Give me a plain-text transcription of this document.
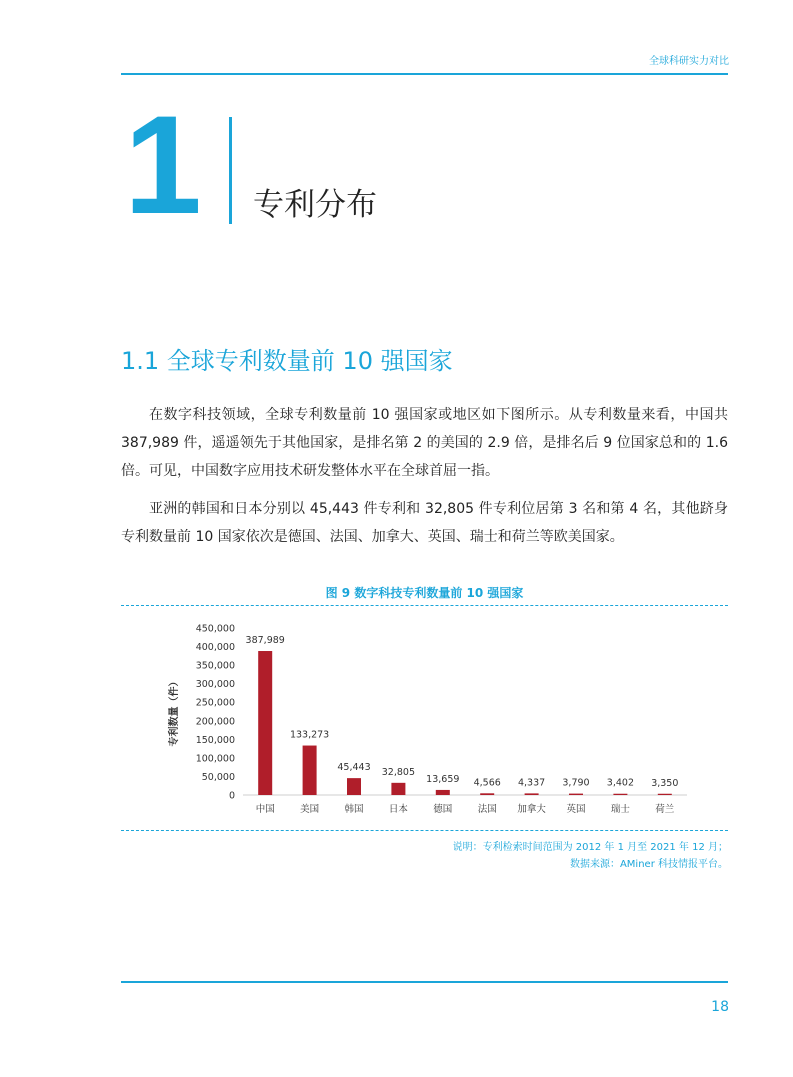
全球科研实力对比
1 专利分布
1.1 全球专利数量前 10 强国家

在数字科技领域，全球专利数量前 10 强国家或地区如下图所示。从专利数量来看，中国共 387,989 件，遥遥领先于其他国家，是排名第 2 的美国的 2.9 倍，是排名后 9 位国家总和的 1.6 倍。可见，中国数字应用技术研发整体水平在全球首屈一指。

亚洲的韩国和日本分别以 45,443 件专利和 32,805 件专利位居第 3 名和第 4 名，其他跻身专利数量前 10 国家依次是德国、法国、加拿大、英国、瑞士和荷兰等欧美国家。

图 9 数字科技专利数量前 10 强国家
0
50,000
100,000
150,000
200,000
250,000
300,000
350,000
400,000
450,000
专利数量（件）
387,989
中国
133,273
美国
45,443
韩国
32,805
日本
13,659
德国
4,566
法国
4,337
加拿大
3,790
英国
3,402
瑞士
3,350
荷兰
说明：专利检索时间范围为 2012 年 1 月至 2021 年 12 月；
数据来源：AMiner 科技情报平台。
18
